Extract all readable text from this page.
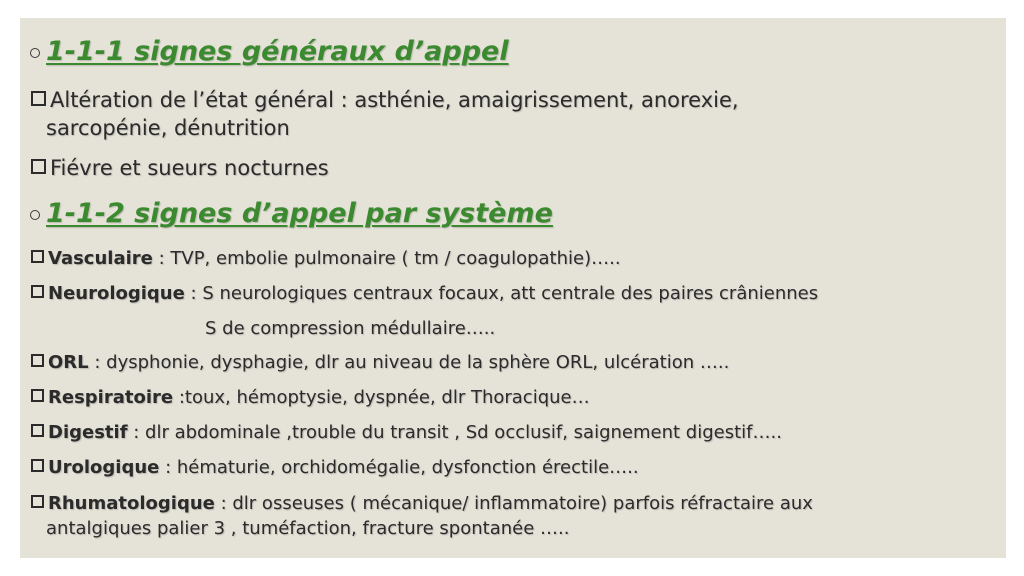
1-1-1 signes généraux d’appel
Altération de l’état général : asthénie, amaigrissement, anorexie,
sarcopénie, dénutrition
Fiévre et sueurs nocturnes
1-1-2 signes d’appel par système
Vasculaire : TVP, embolie pulmonaire ( tm / coagulopathie)…..
Neurologique : S neurologiques centraux focaux, att centrale des paires crâniennes
S de compression médullaire…..
ORL : dysphonie, dysphagie, dlr au niveau de la sphère ORL, ulcération …..
Respiratoire :toux, hémoptysie, dyspnée, dlr Thoracique…
Digestif : dlr abdominale ,trouble du transit , Sd occlusif, saignement digestif…..
Urologique : hématurie, orchidomégalie, dysfonction érectile…..
Rhumatologique : dlr osseuses ( mécanique/ inflammatoire) parfois réfractaire aux
antalgiques palier 3 , tuméfaction, fracture spontanée …..
